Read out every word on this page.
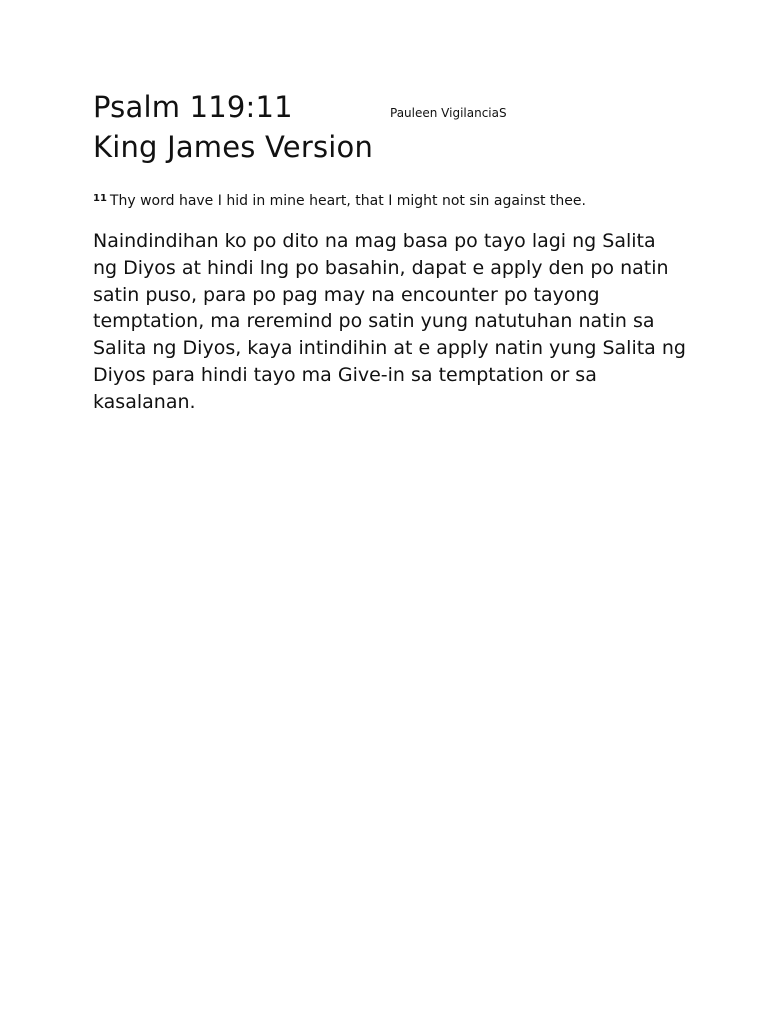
Psalm 119:11	Pauleen VigilanciaS
King James Version
$^{11}$ Thy word have I hid in mine heart, that I might not sin against thee.
Naindindihan ko po dito na mag basa po tayo lagi ng Salita
ng Diyos at hindi lng po basahin, dapat e apply den po natin
satin puso, para po pag may na encounter po tayong
temptation, ma reremind po satin yung natutuhan natin sa
Salita ng Diyos, kaya intindihin at e apply natin yung Salita ng
Diyos para hindi tayo ma Give-in sa temptation or sa
kasalanan.
